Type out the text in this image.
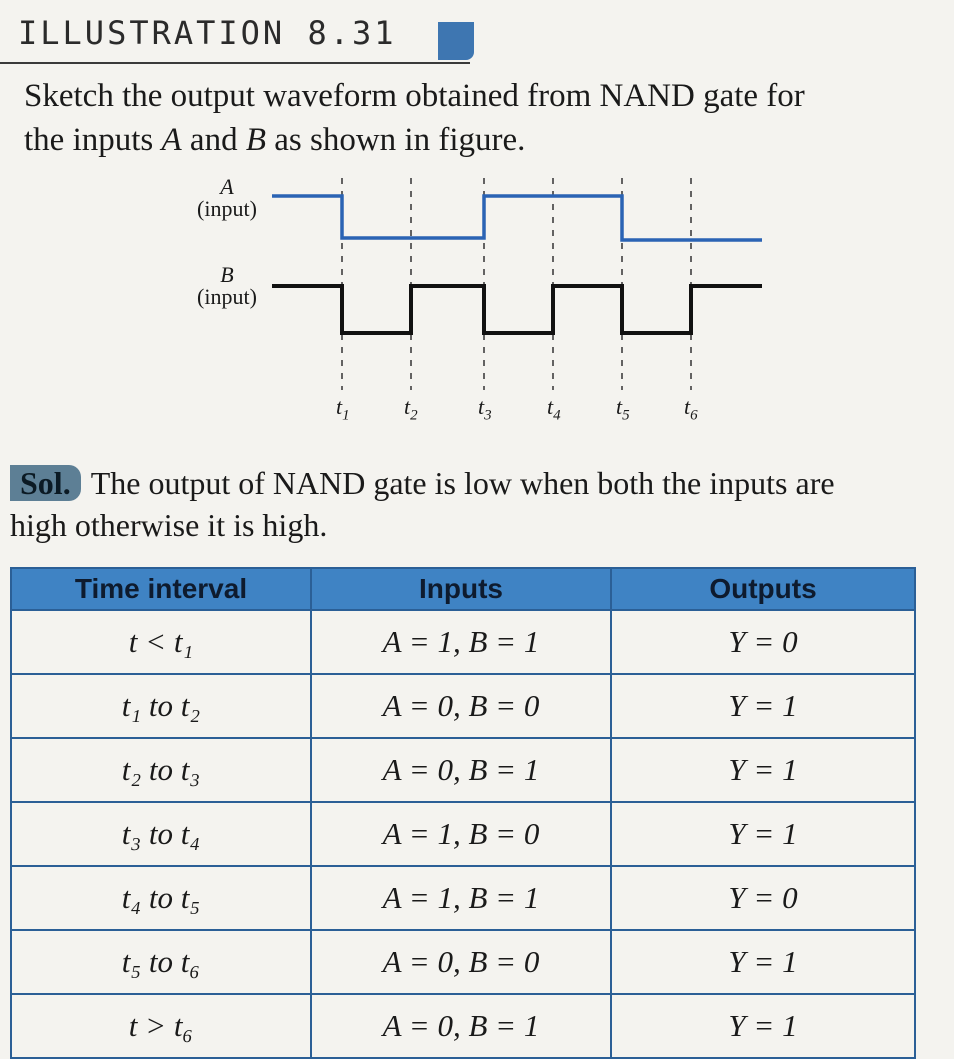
ILLUSTRATION 8.31
Sketch the output waveform obtained from NAND gate for
the inputs A and B as shown in figure.
A
(input)
B
(input)
$t_1$ $t_2$	$t_3$	$t_4$	$t_5$ $t_6$
Sol. The output of NAND gate is low when both the inputs are
high otherwise it is high.
Time interval	Inputs	Outputs
t < t₁	A = 1, B = 1	Y = 0
t₁ to t₂	A = 0, B = 0	Y = 1
t₂ to t₃	A = 0, B = 1	Y = 1
t₃ to t₄	A = 1, B = 0	Y = 1
t₄ to t₅	A = 1, B = 1	Y = 0
t₅ to t₆	A = 0, B = 0	Y = 1
t > t₆	A = 0, B = 1	Y = 1
